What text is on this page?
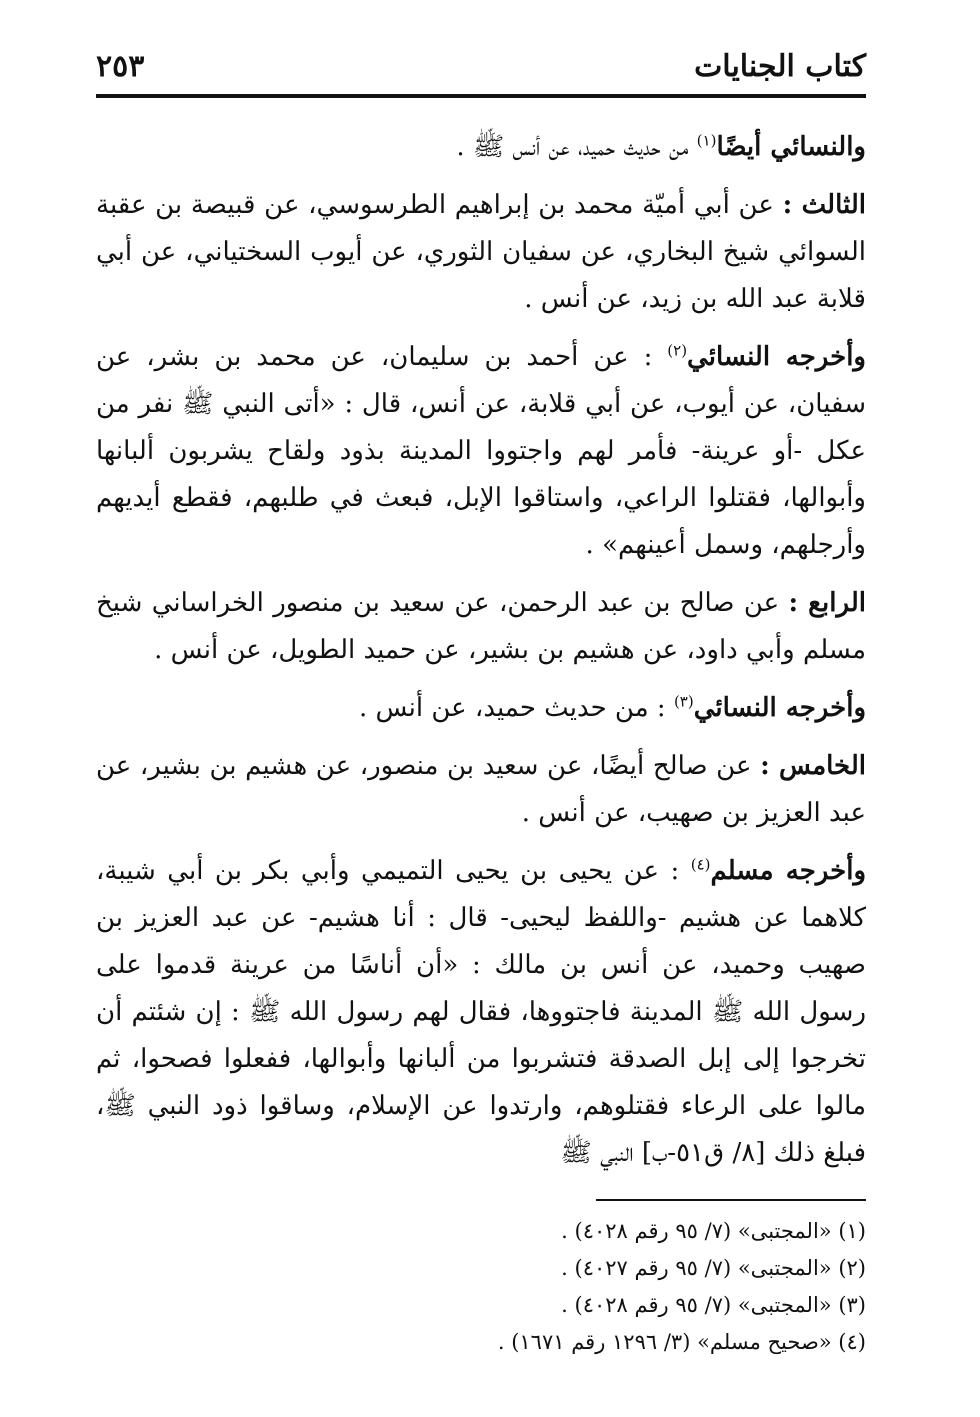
كتاب الجنايات
٢٥٣

والنسائي أيضًا$^{(١)}$ من حديث حميد، عن أنس ﷺ .

الثالث : عن أبي أميّة محمد بن إبراهيم الطرسوسي، عن قبيصة بن عقبة السوائي شيخ البخاري، عن سفيان الثوري، عن أيوب السختياني، عن أبي قلابة عبد الله بن زيد، عن أنس .

وأخرجه النسائي$^{(٢)}$ : عن أحمد بن سليمان، عن محمد بن بشر، عن سفيان، عن أيوب، عن أبي قلابة، عن أنس، قال : «أتى النبي ﷺ نفر من عكل -أو عرينة- فأمر لهم واجتووا المدينة بذود ولقاح يشربون ألبانها وأبوالها، فقتلوا الراعي، واستاقوا الإبل، فبعث في طلبهم، فقطع أيديهم وأرجلهم، وسمل أعينهم» .

الرابع : عن صالح بن عبد الرحمن، عن سعيد بن منصور الخراساني شيخ مسلم وأبي داود، عن هشيم بن بشير، عن حميد الطويل، عن أنس .

وأخرجه النسائي$^{(٣)}$ : من حديث حميد، عن أنس .

الخامس : عن صالح أيضًا، عن سعيد بن منصور، عن هشيم بن بشير، عن عبد العزيز بن صهيب، عن أنس .

وأخرجه مسلم$^{(٤)}$ : عن يحيى بن يحيى التميمي وأبي بكر بن أبي شيبة، كلاهما عن هشيم -واللفظ ليحيى- قال : أنا هشيم- عن عبد العزيز بن صهيب وحميد، عن أنس بن مالك : «أن أناسًا من عرينة قدموا على رسول الله ﷺ المدينة فاجتووها، فقال لهم رسول الله ﷺ : إن شئتم أن تخرجوا إلى إبل الصدقة فتشربوا من ألبانها وأبوالها، ففعلوا فصحوا، ثم مالوا على الرعاء فقتلوهم، وارتدوا عن الإسلام، وساقوا ذود النبي ﷺ، فبلغ ذلك [٨/ ق٥١-ب] النبي ﷺ

(١) «المجتبى» (٧/ ٩٥ رقم ٤٠٢٨) .

(٢) «المجتبى» (٧/ ٩٥ رقم ٤٠٢٧) .

(٣) «المجتبى» (٧/ ٩٥ رقم ٤٠٢٨) .

(٤) «صحيح مسلم» (٣/ ١٢٩٦ رقم ١٦٧١) .
